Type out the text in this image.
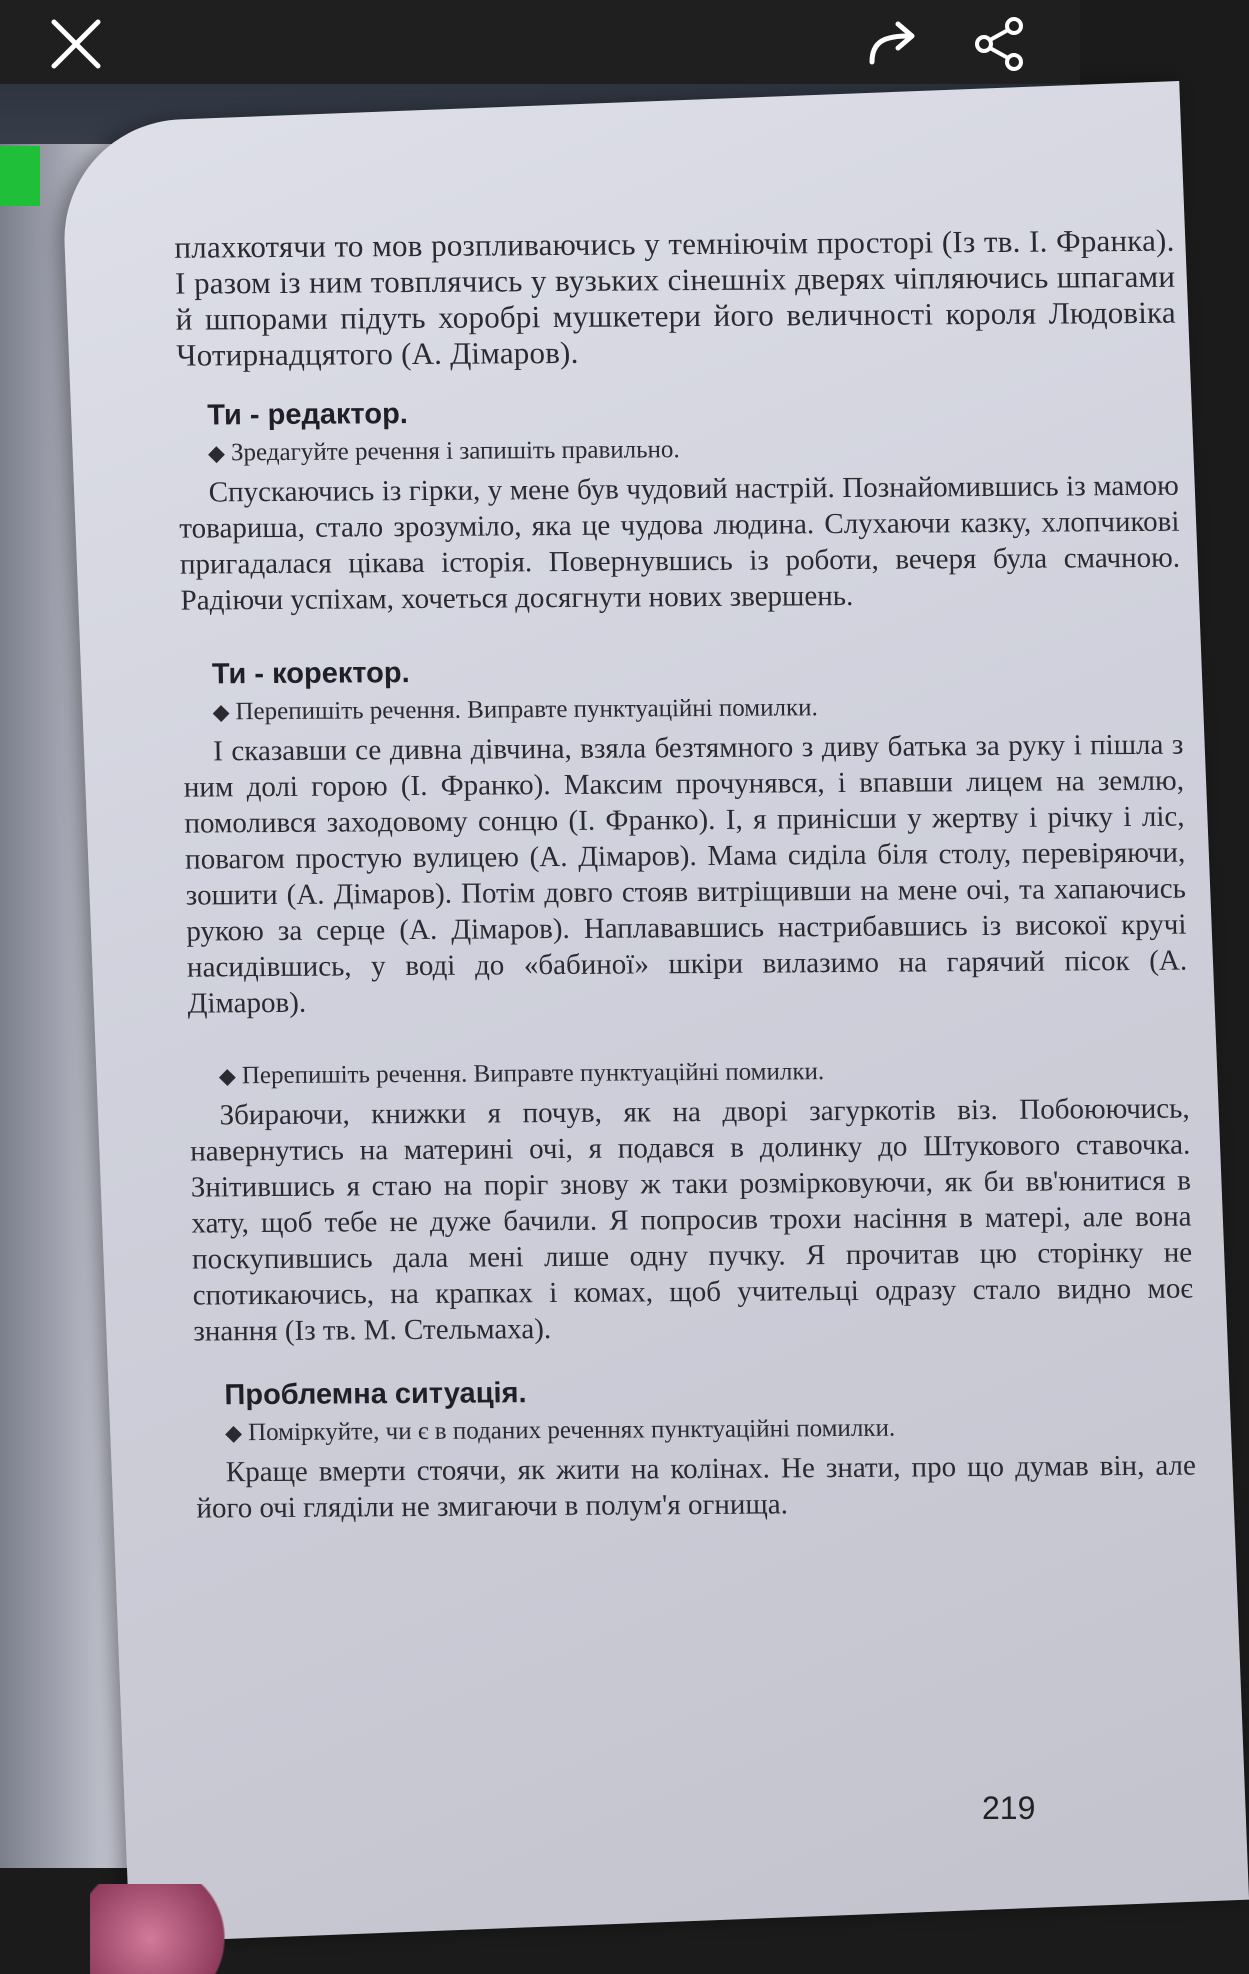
плахкотячи то мов розпливаючись у темніючім просторі (Із тв. І. Франка). І разом із ним товплячись у вузьких сінешніх дверях чіпляючись шпагами й шпорами підуть хоробрі мушкетери його величності короля Людовіка Чотирнадцятого (А. Дімаров).

Ти - редактор.

◆ Зредагуйте речення і запишіть правильно.

Спускаючись із гірки, у мене був чудовий настрій. Познайомившись із мамою товариша, стало зрозуміло, яка це чудова людина. Слухаючи казку, хлопчикові пригадалася цікава історія. Повернувшись із роботи, вечеря була смачною. Радіючи успіхам, хочеться досягнути нових звершень.

Ти - коректор.

◆ Перепишіть речення. Виправте пунктуаційні помилки.

І сказавши се дивна дівчина, взяла безтямного з диву батька за руку і пішла з ним долі горою (І. Франко). Максим прочунявся, і впавши лицем на землю, помолився заходовому сонцю (І. Франко). І, я принісши у жертву і річку і ліс, повагом простую вулицею (А. Дімаров). Мама сиділа біля столу, перевіряючи, зошити (А. Дімаров). Потім довго стояв витріщивши на мене очі, та хапаючись рукою за серце (А. Дімаров). Наплававшись настрибавшись із високої кручі насидівшись, у воді до «бабиної» шкіри вилазимо на гарячий пісок (А. Дімаров).

◆ Перепишіть речення. Виправте пунктуаційні помилки.

Збираючи, книжки я почув, як на дворі загуркотів віз. Побоюючись, навернутись на материні очі, я подався в долинку до Штукового ставочка. Знітившись я стаю на поріг знову ж таки розмірковуючи, як би вв'юнитися в хату, щоб тебе не дуже бачили. Я попросив трохи насіння в матері, але вона поскупившись дала мені лише одну пучку. Я прочитав цю сторінку не спотикаючись, на крапках і комах, щоб учительці одразу стало видно моє знання (Із тв. М. Стельмаха).

Проблемна ситуація.

◆ Поміркуйте, чи є в поданих реченнях пунктуаційні помилки.

Краще вмерти стоячи, як жити на колінах. Не знати, про що думав він, але його очі гляділи не змигаючи в полум'я огнища.

219
